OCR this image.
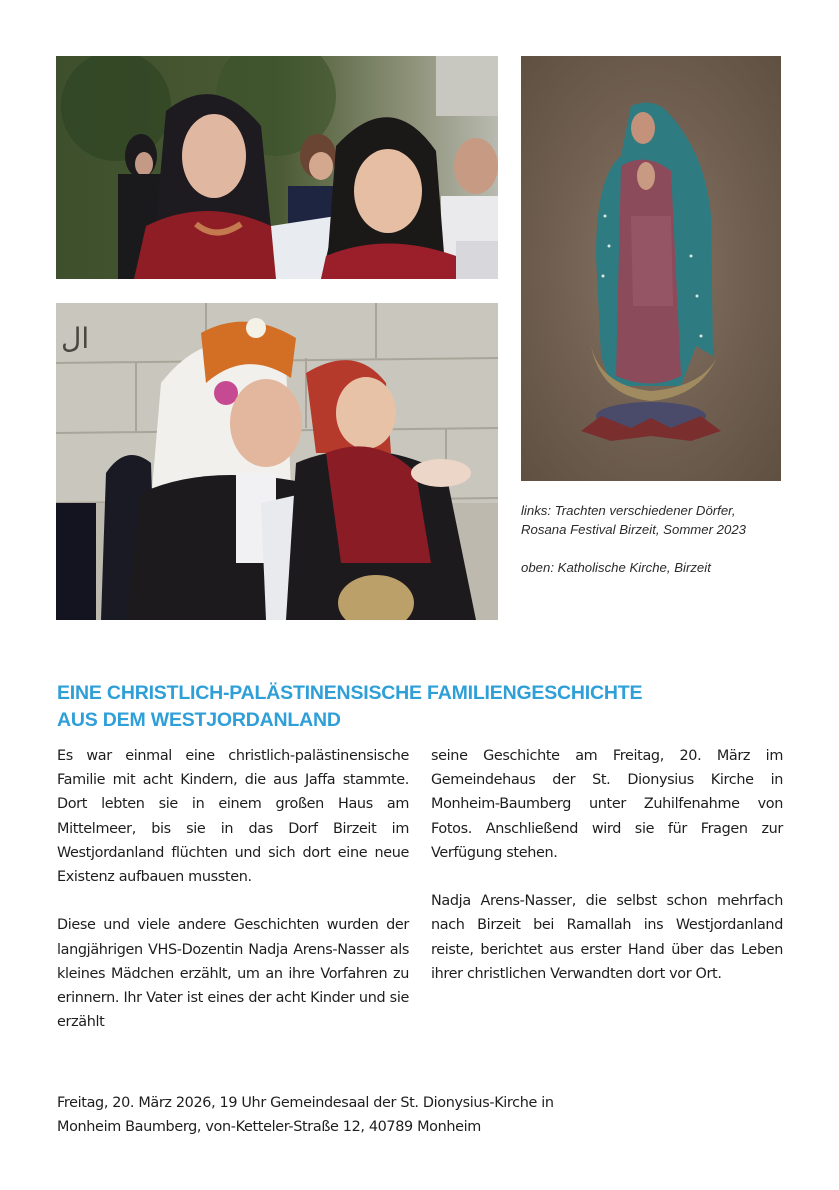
ال
links: Trachten verschiedener Dörfer,
Rosana Festival Birzeit, Sommer 2023
oben: Katholische Kirche, Birzeit
EINE CHRISTLICH-PALÄSTINENSISCHE FAMILIENGESCHICHTE
AUS DEM WESTJORDANLAND

Es war einmal eine christlich-palästinensische Familie mit acht Kindern, die aus Jaffa stammte. Dort lebten sie in einem großen Haus am Mittelmeer, bis sie in das Dorf Birzeit im Westjordanland flüchten und sich dort eine neue Existenz aufbauen mussten.

Diese und viele andere Geschichten wurden der langjährigen VHS-Dozentin Nadja Arens-Nasser als kleines Mädchen erzählt, um an ihre Vorfahren zu erinnern. Ihr Vater ist eines der acht Kinder und sie erzählt

seine Geschichte am Freitag, 20. März im Gemeindehaus der St. Dionysius Kirche in Monheim-Baumberg unter Zuhilfenahme von Fotos. Anschließend wird sie für Fragen zur Verfügung stehen.

Nadja Arens-Nasser, die selbst schon mehrfach nach Birzeit bei Ramallah ins Westjordanland reiste, berichtet aus erster Hand über das Leben ihrer christlichen Verwandten dort vor Ort.

Freitag, 20. März 2026, 19 Uhr Gemeindesaal der St. Dionysius-Kirche in
Monheim Baumberg, von-Ketteler-Straße 12, 40789 Monheim
